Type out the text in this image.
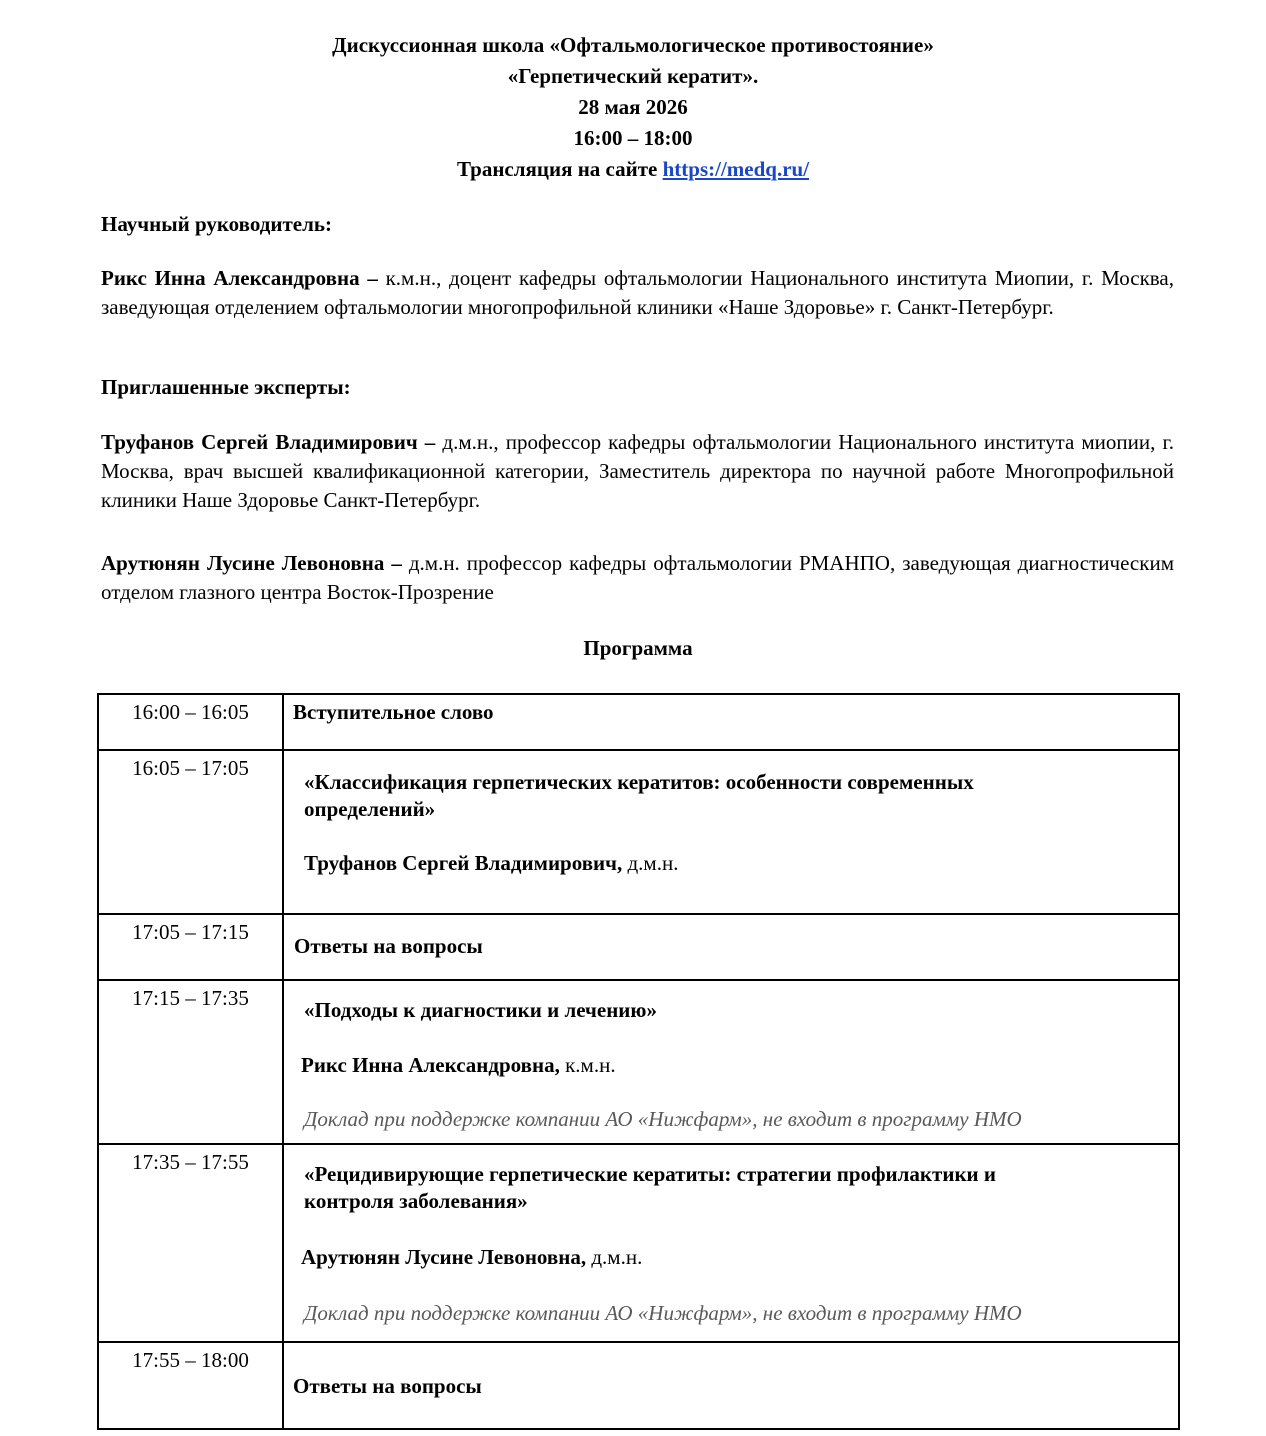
Дискуссионная школа «Офтальмологическое противостояние»
«Герпетический кератит».
28 мая 2026
16:00 – 18:00
Трансляция на сайте https://medq.ru/
Научный руководитель:
Рикс Инна Александровна – к.м.н., доцент кафедры офтальмологии Национального института Миопии, г. Москва, заведующая отделением офтальмологии многопрофильной клиники «Наше Здоровье» г. Санкт-Петербург.
Приглашенные эксперты:
Труфанов Сергей Владимирович – д.м.н., профессор кафедры офтальмологии Национального института миопии, г. Москва, врач высшей квалификационной категории, Заместитель директора по научной работе Многопрофильной клиники Наше Здоровье Санкт-Петербург.
Арутюнян Лусине Левоновна – д.м.н. профессор кафедры офтальмологии РМАНПО, заведующая диагностическим отделом глазного центра Восток-Прозрение
Программа
16:00 – 16:05	Вступительное слово

16:05 – 17:05	«Классификация герпетических кератитов: особенности современных
определений»
Труфанов Сергей Владимирович, д.м.н.

17:05 – 17:15	Ответы на вопросы

17:15 – 17:35	«Подходы к диагностики и лечению»
Рикс Инна Александровна, к.м.н.
Доклад при поддержке компании АО «Нижфарм», не входит в программу НМО

17:35 – 17:55	«Рецидивирующие герпетические кератиты: стратегии профилактики и
контроля заболевания»
Арутюнян Лусине Левоновна, д.м.н.
Доклад при поддержке компании АО «Нижфарм», не входит в программу НМО

17:55 – 18:00	Ответы на вопросы
